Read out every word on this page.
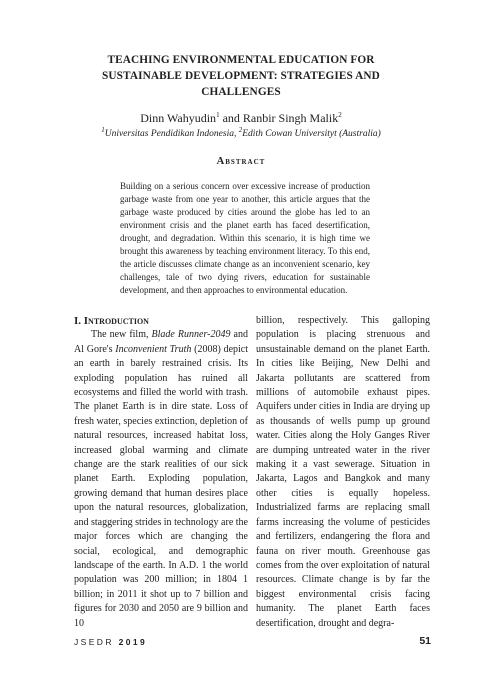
TEACHING ENVIRONMENTAL EDUCATION FOR SUSTAINABLE DEVELOPMENT: STRATEGIES AND CHALLENGES

Dinn Wahyudin$^1$ and Ranbir Singh Malik$^2$

$^1$Universitas Pendidikan Indonesia, $^2$Edith Cowan Universityt (Australia)

Abstract

Building on a serious concern over excessive increase of production garbage waste from one year to another, this article argues that the garbage waste produced by cities around the globe has led to an environment crisis and the planet earth has faced desertification, drought, and degradation. Within this scenario, it is high time we brought this awareness by teaching environment literacy. To this end, the article discusses climate change as an inconvenient scenario, key challenges, tale of two dying rivers, education for sustainable development, and then approaches to environmental education.

I. Introduction

The new film, Blade Runner-2049 and Al Gore's Inconvenient Truth (2008) depict an earth in barely restrained crisis. Its exploding population has ruined all ecosystems and filled the world with trash. The planet Earth is in dire state. Loss of fresh water, species extinction, depletion of natural resources, increased habitat loss, increased global warming and climate change are the stark realities of our sick planet Earth. Exploding population, growing demand that human desires place upon the natural resources, globalization, and staggering strides in technology are the major forces which are changing the social, ecological, and demographic landscape of the earth. In A.D. 1 the world population was 200 million; in 1804 1 billion; in 2011 it shot up to 7 billion and figures for 2030 and 2050 are 9 billion and 10

billion, respectively. This galloping population is placing strenuous and unsustainable demand on the planet Earth. In cities like Beijing, New Delhi and Jakarta pollutants are scattered from millions of automobile exhaust pipes. Aquifers under cities in India are drying up as thousands of wells pump up ground water. Cities along the Holy Ganges River are dumping untreated water in the river making it a vast sewerage. Situation in Jakarta, Lagos and Bangkok and many other cities is equally hopeless. Industrialized farms are replacing small farms increasing the volume of pesticides and fertilizers, endangering the flora and fauna on river mouth. Greenhouse gas comes from the over exploitation of natural resources. Climate change is by far the biggest environmental crisis facing humanity. The planet Earth faces desertification, drought and degra-

JSEDR 2019	51
